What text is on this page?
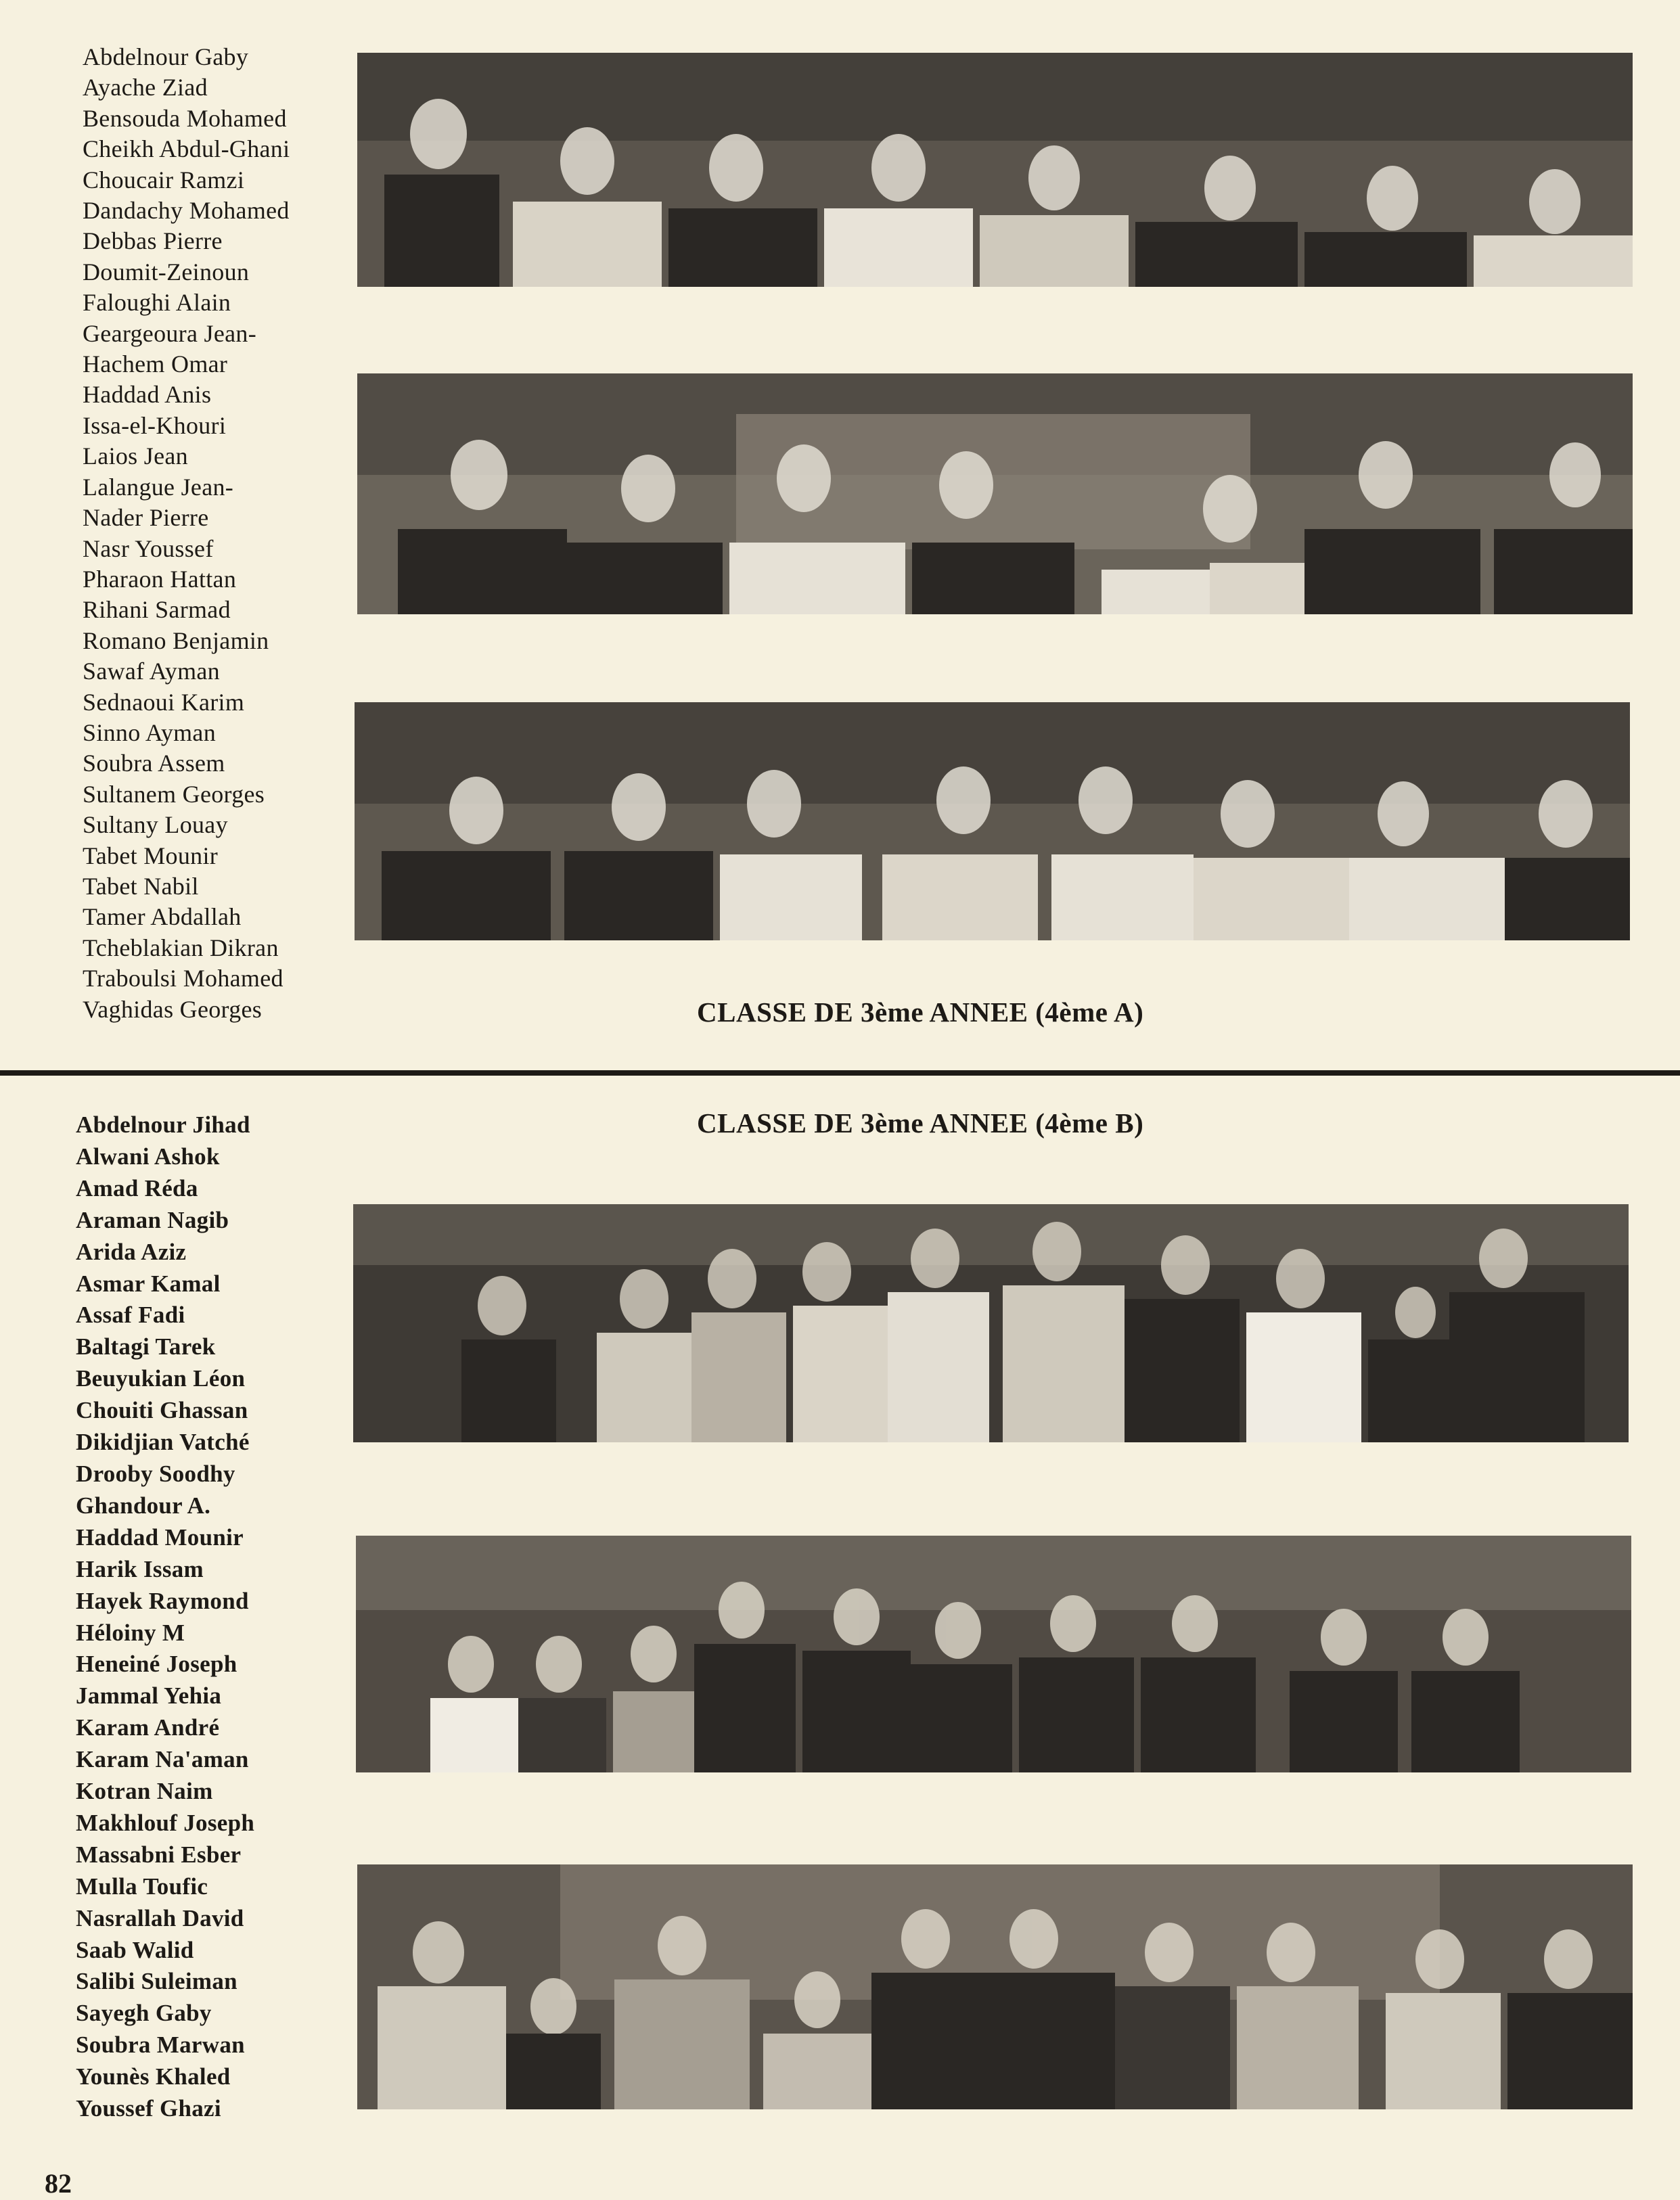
Abdelnour Gaby
Ayache Ziad
Bensouda Mohamed
Cheikh Abdul-Ghani
Choucair Ramzi
Dandachy Mohamed
Debbas Pierre
Doumit-Zeinoun
Faloughi Alain
Geargeoura Jean-
Hachem Omar
Haddad Anis
Issa-el-Khouri
Laios Jean
Lalangue Jean-
Nader Pierre
Nasr Youssef
Pharaon Hattan
Rihani Sarmad
Romano Benjamin
Sawaf Ayman
Sednaoui Karim
Sinno Ayman
Soubra Assem
Sultanem Georges
Sultany Louay
Tabet Mounir
Tabet Nabil
Tamer Abdallah
Tcheblakian Dikran
Traboulsi Mohamed
Vaghidas Georges	CLASSE DE 3ème ANNEE (4ème A)
CLASSE DE 3ème ANNEE (4ème B)
Abdelnour Jihad
Alwani Ashok
Amad Réda
Araman Nagib
Arida Aziz
Asmar Kamal
Assaf Fadi
Baltagi Tarek
Beuyukian Léon
Chouiti Ghassan
Dikidjian Vatché
Drooby Soodhy
Ghandour A.
Haddad Mounir
Harik Issam
Hayek Raymond
Héloiny M
Heneiné Joseph
Jammal Yehia
Karam André
Karam Na'aman
Kotran Naim
Makhlouf Joseph
Massabni Esber
Mulla Toufic
Nasrallah David
Saab Walid
Salibi Suleiman
Sayegh Gaby
Soubra Marwan
Younès Khaled
Youssef Ghazi
82
